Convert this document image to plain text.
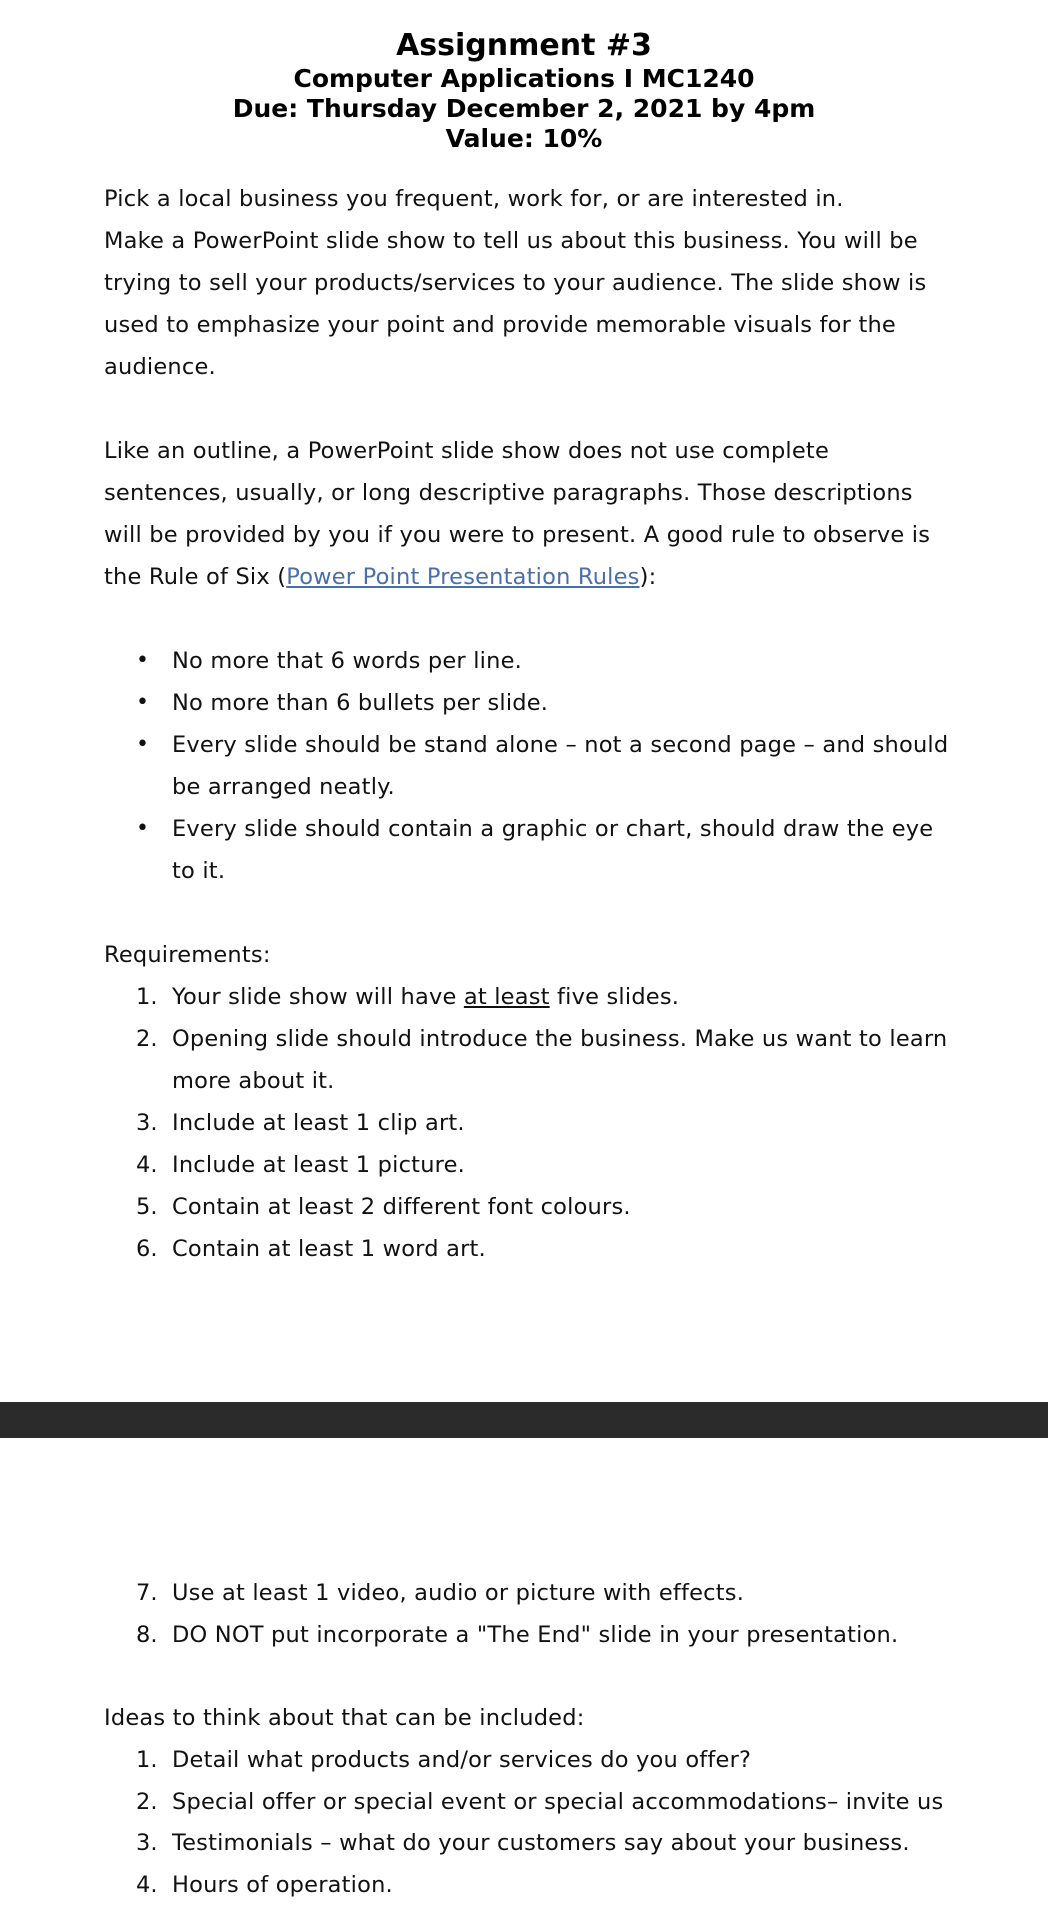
Assignment #3
Computer Applications I MC1240
Due: Thursday December 2, 2021 by 4pm
Value: 10%
Pick a local business you frequent, work for, or are interested in.
Make a PowerPoint slide show to tell us about this business. You will be
trying to sell your products/services to your audience. The slide show is
used to emphasize your point and provide memorable visuals for the
audience.
Like an outline, a PowerPoint slide show does not use complete
sentences, usually, or long descriptive paragraphs. Those descriptions
will be provided by you if you were to present. A good rule to observe is
the Rule of Six (Power Point Presentation Rules):
• No more that 6 words per line.
• No more than 6 bullets per slide.
• Every slide should be stand alone – not a second page – and should
be arranged neatly.
• Every slide should contain a graphic or chart, should draw the eye
to it.
Requirements:
1. Your slide show will have at least five slides.
2. Opening slide should introduce the business. Make us want to learn
more about it.
3. Include at least 1 clip art.
4. Include at least 1 picture.
5. Contain at least 2 different font colours.
6. Contain at least 1 word art.
7. Use at least 1 video, audio or picture with effects.
8. DO NOT put incorporate a "The End" slide in your presentation.
Ideas to think about that can be included:
1. Detail what products and/or services do you offer?
2. Special offer or special event or special accommodations– invite us
3. Testimonials – what do your customers say about your business.
4. Hours of operation.
